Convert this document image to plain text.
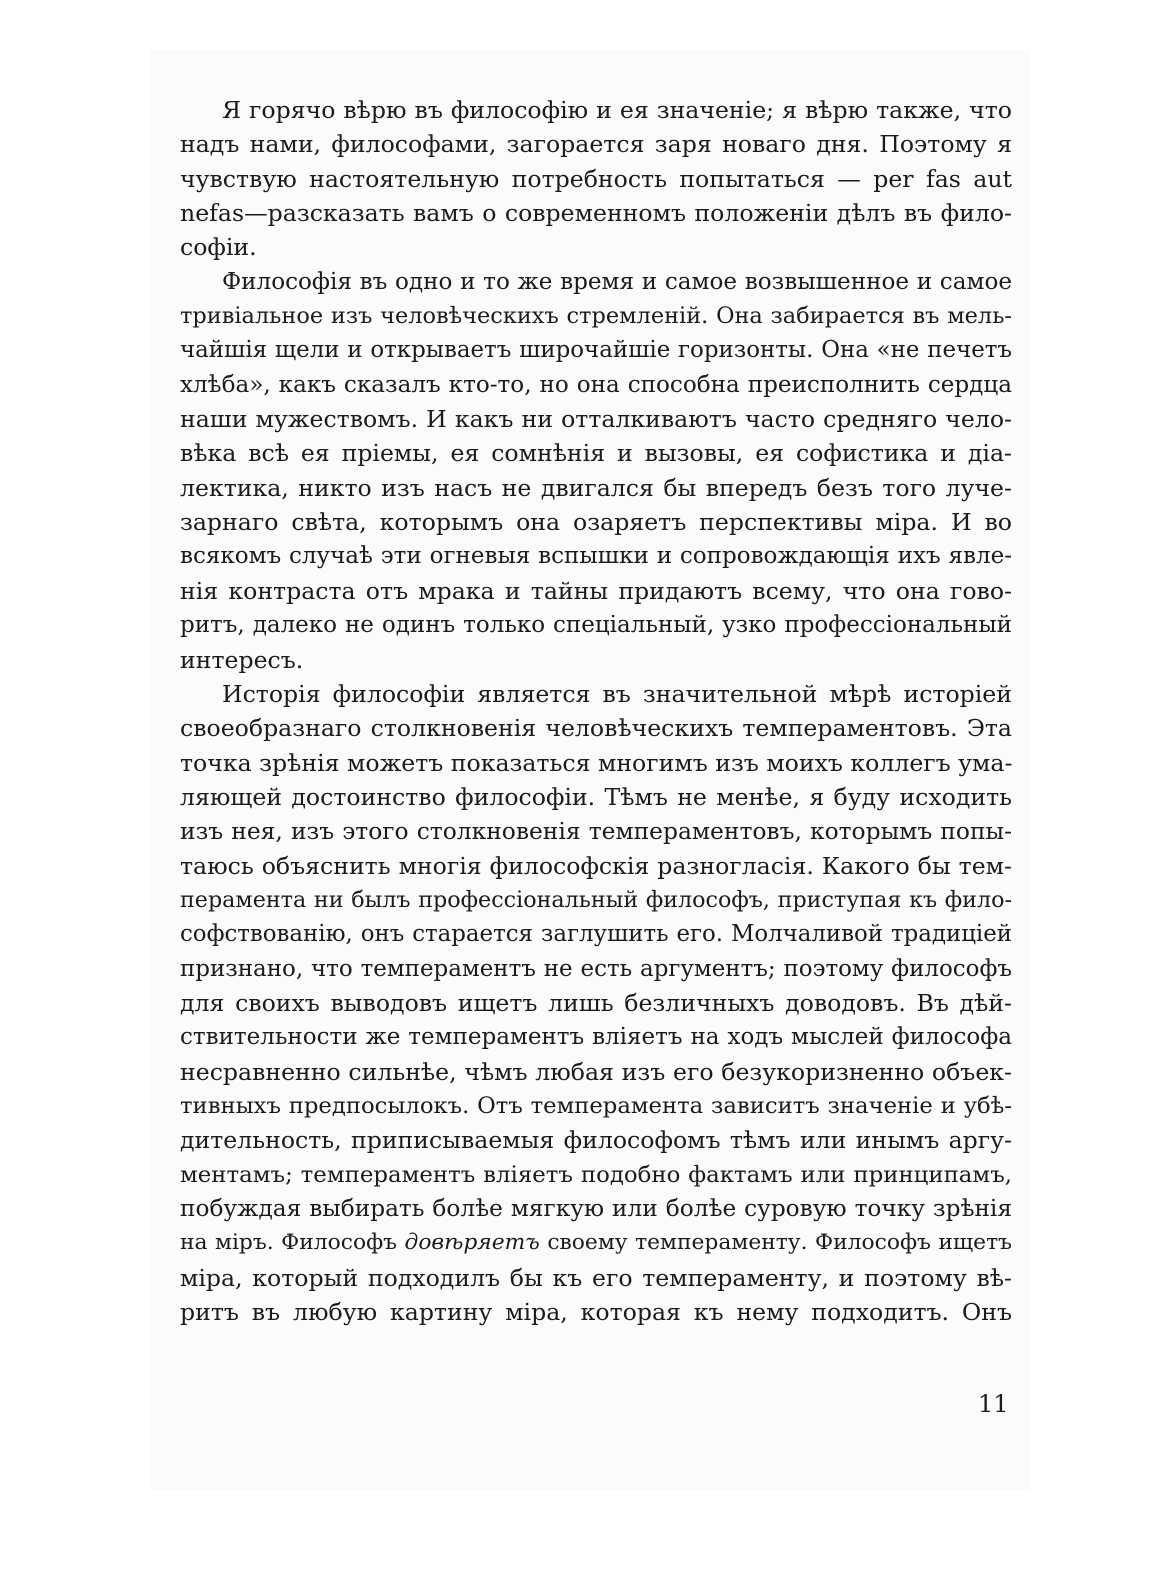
Я горячо вѣрю въ философію и ея значеніе; я вѣрю также, что
надъ нами, философами, загорается заря новаго дня. Поэтому я
чувствую настоятельную потребность попытаться — per fas aut
nefas—разсказать вамъ о современномъ положеніи дѣлъ въ фило-
софіи.
Философія въ одно и то же время и самое возвышенное и самое
тривіальное изъ человѣческихъ стремленій. Она забирается въ мель-
чайшія щели и открываетъ широчайшіе горизонты. Она «не печетъ
хлѣба», какъ сказалъ кто-то, но она способна преисполнить сердца
наши мужествомъ. И какъ ни отталкиваютъ часто средняго чело-
вѣка всѣ ея пріемы, ея сомнѣнія и вызовы, ея софистика и діа-
лектика, никто изъ насъ не двигался бы впередъ безъ того луче-
зарнаго свѣта, которымъ она озаряетъ перспективы міра. И во
всякомъ случаѣ эти огневыя вспышки и сопровождающія ихъ явле-
нія контраста отъ мрака и тайны придаютъ всему, что она гово-
ритъ, далеко не одинъ только спеціальный, узко профессіональный
интересъ.
Исторія философіи является въ значительной мѣрѣ исторіей
своеобразнаго столкновенія человѣческихъ темпераментовъ. Эта
точка зрѣнія можетъ показаться многимъ изъ моихъ коллегъ ума-
ляющей достоинство философіи. Тѣмъ не менѣе, я буду исходить
изъ нея, изъ этого столкновенія темпераментовъ, которымъ попы-
таюсь объяснить многія философскія разногласія. Какого бы тем-
перамента ни былъ профессіональный философъ, приступая къ фило-
софствованію, онъ старается заглушить его. Молчаливой традиціей
признано, что темпераментъ не есть аргументъ; поэтому философъ
для своихъ выводовъ ищетъ лишь безличныхъ доводовъ. Въ дѣй-
ствительности же темпераментъ вліяетъ на ходъ мыслей философа
несравненно сильнѣе, чѣмъ любая изъ его безукоризненно объек-
тивныхъ предпосылокъ. Отъ темперамента зависитъ значеніе и убѣ-
дительность, приписываемыя философомъ тѣмъ или инымъ аргу-
ментамъ; темпераментъ вліяетъ подобно фактамъ или принципамъ,
побуждая выбирать болѣе мягкую или болѣе суровую точку зрѣнія
на міръ. Философъ довѣряетъ своему темпераменту. Философъ ищетъ
міра, который подходилъ бы къ его темпераменту, и поэтому вѣ-
ритъ въ любую картину міра, которая къ нему подходитъ. Онъ
11
